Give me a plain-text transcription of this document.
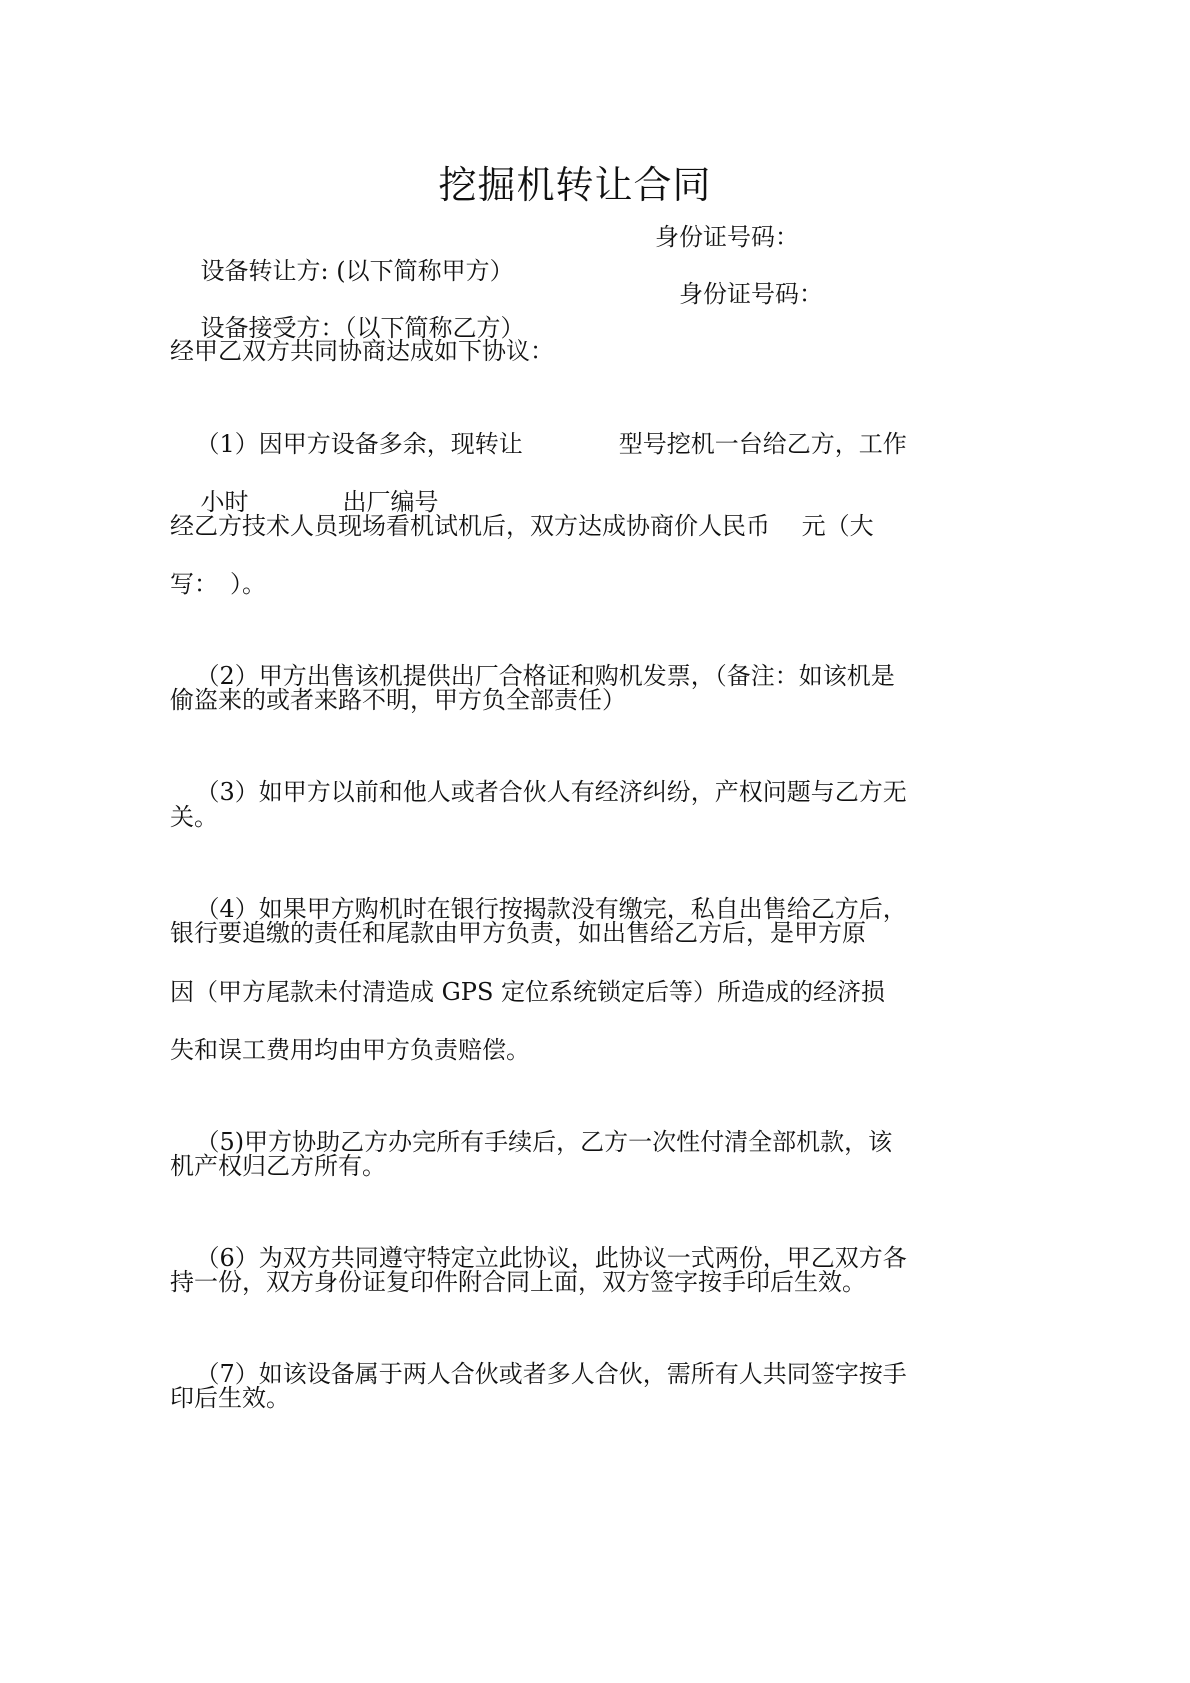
挖掘机转让合同

设备转让方: (以下简称甲方）

身份证号码：

设备接受方：（以下简称乙方）

身份证号码：
经甲乙双方共同协商达成如下协议：

（1）因甲方设备多余，现转让	型号挖机一台给乙方，工作

小时	出厂编号

经乙方技术人员现场看机试机后，双方达成协商价人民币　 元（大
写：　）。

（2）甲方出售该机提供出厂合格证和购机发票，（备注：如该机是

偷盗来的或者来路不明，甲方负全部责任）

（3）如甲方以前和他人或者合伙人有经济纠纷，产权问题与乙方无

关。

（4）如果甲方购机时在银行按揭款没有缴完，私自出售给乙方后，

银行要追缴的责任和尾款由甲方负责，如出售给乙方后，是甲方原
因（甲方尾款未付清造成 GPS 定位系统锁定后等）所造成的经济损
失和误工费用均由甲方负责赔偿。

（5)甲方协助乙方办完所有手续后，乙方一次性付清全部机款，该

机产权归乙方所有。

（6）为双方共同遵守特定立此协议，此协议一式两份，甲乙双方各

持一份，双方身份证复印件附合同上面，双方签字按手印后生效。

（7）如该设备属于两人合伙或者多人合伙，需所有人共同签字按手

印后生效。
